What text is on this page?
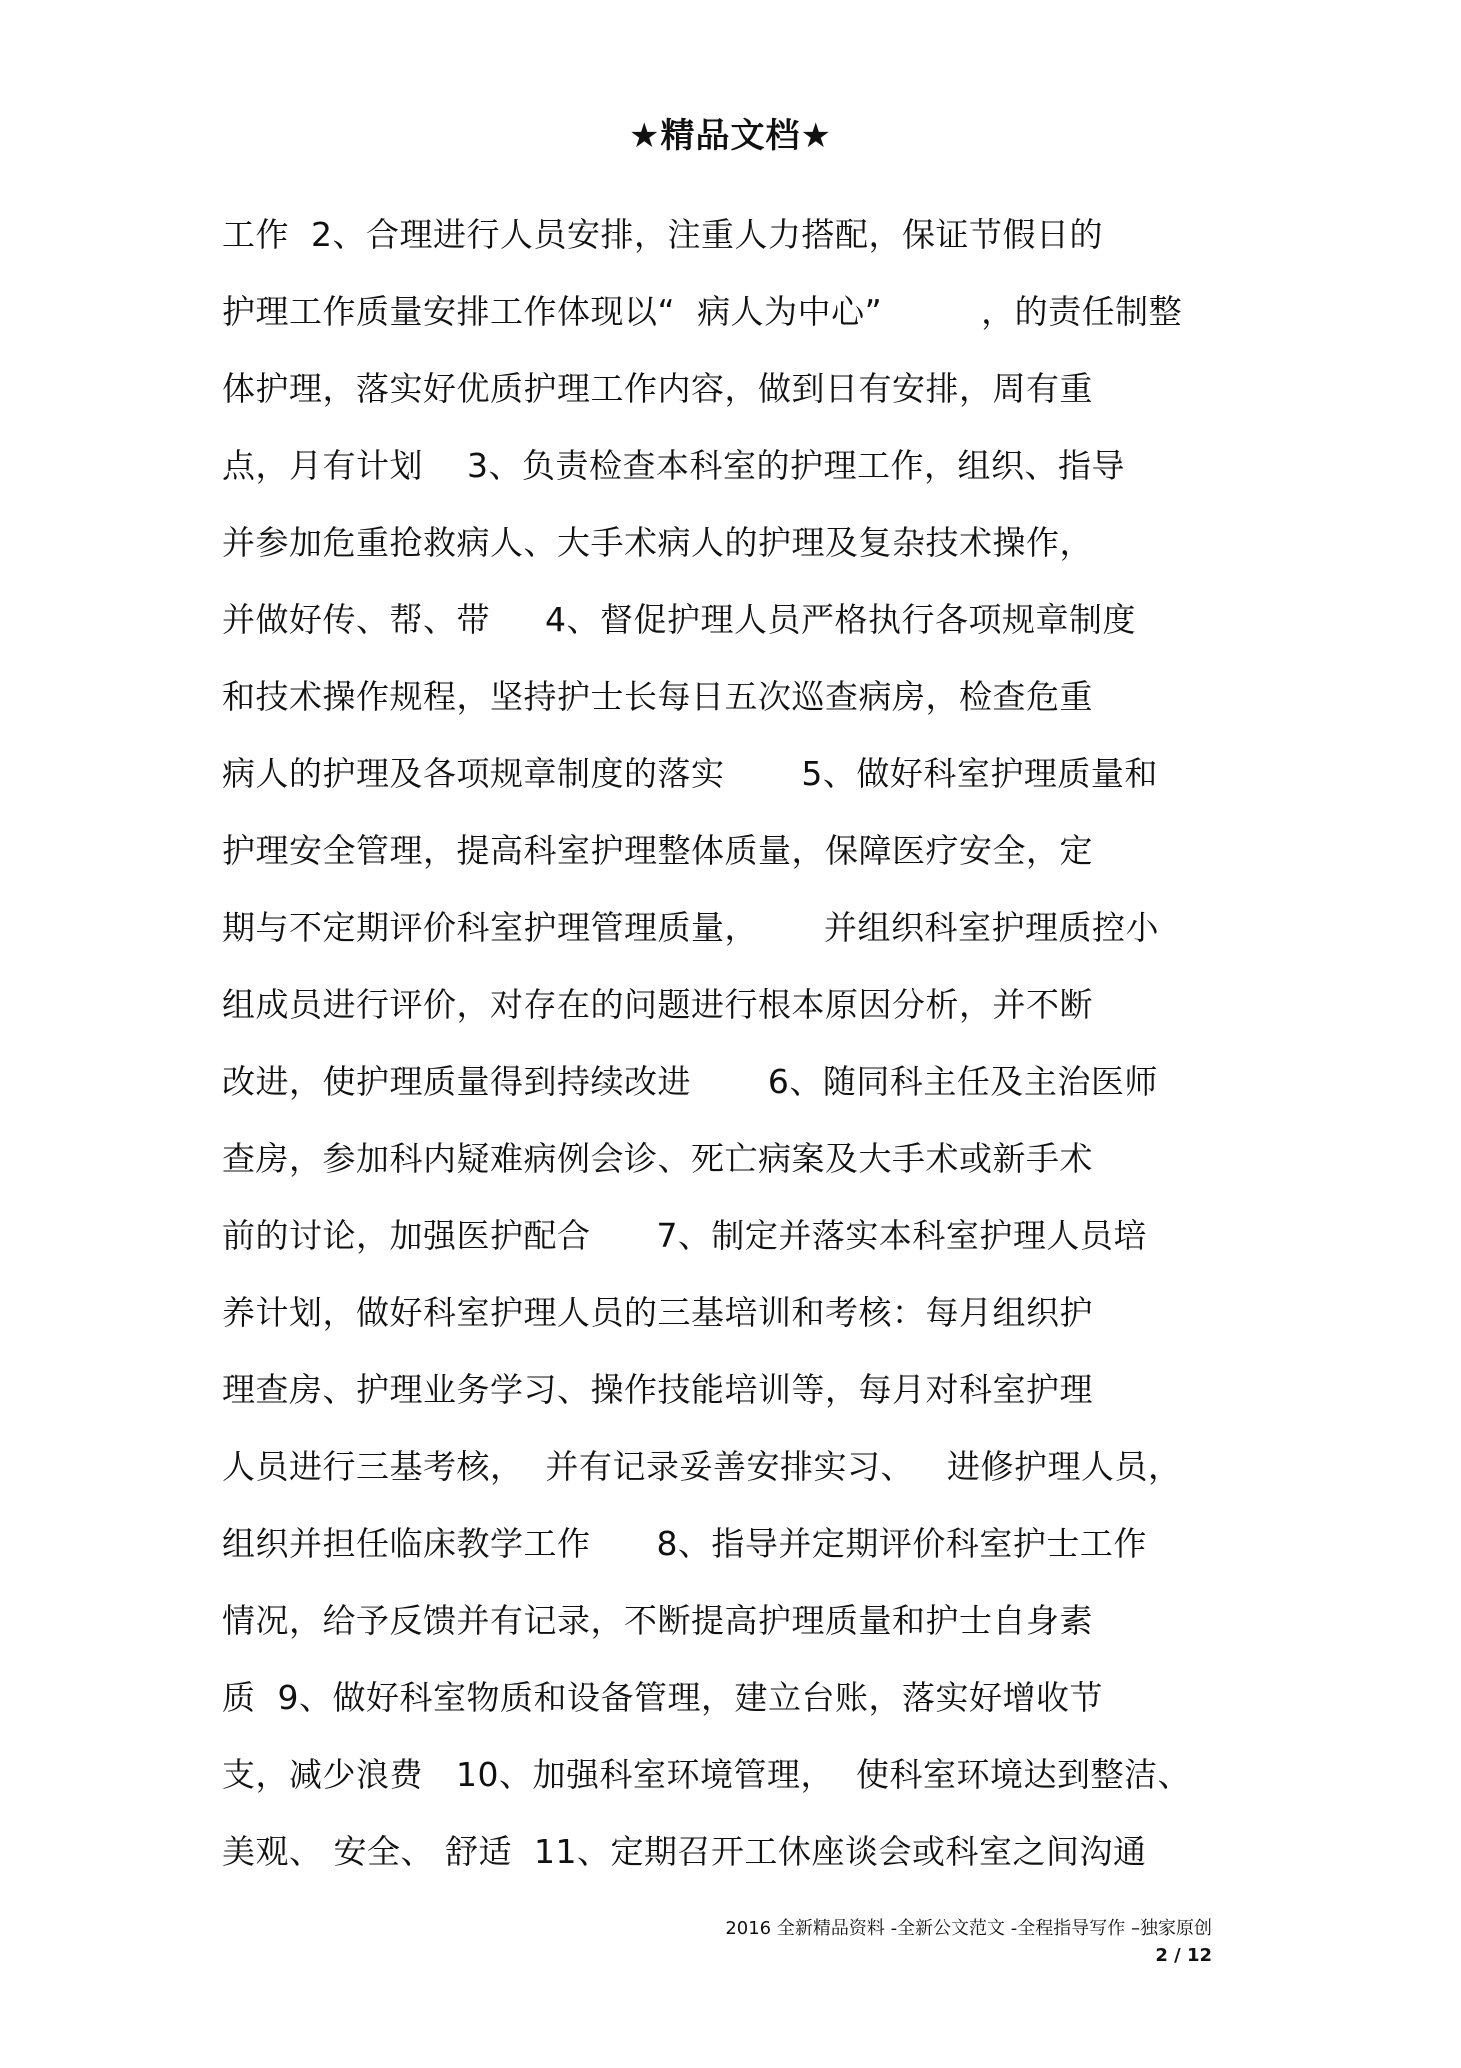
★精品文档★
工作  2、合理进行人员安排，注重人力搭配，保证节假日的
护理工作质量安排工作体现以“  病人为中心”         ，的责任制整
体护理，落实好优质护理工作内容，做到日有安排，周有重
点，月有计划    3、负责检查本科室的护理工作，组织、指导
并参加危重抢救病人、大手术病人的护理及复杂技术操作，
并做好传、帮、带     4、督促护理人员严格执行各项规章制度
和技术操作规程，坚持护士长每日五次巡查病房，检查危重
病人的护理及各项规章制度的落实       5、做好科室护理质量和
护理安全管理，提高科室护理整体质量，保障医疗安全，定
期与不定期评价科室护理管理质量，      并组织科室护理质控小
组成员进行评价，对存在的问题进行根本原因分析，并不断
改进，使护理质量得到持续改进       6、随同科主任及主治医师
查房，参加科内疑难病例会诊、死亡病案及大手术或新手术
前的讨论，加强医护配合      7、制定并落实本科室护理人员培
养计划，做好科室护理人员的三基培训和考核：每月组织护
理查房、护理业务学习、操作技能培训等，每月对科室护理
人员进行三基考核，  并有记录妥善安排实习、   进修护理人员，
组织并担任临床教学工作      8、指导并定期评价科室护士工作
情况，给予反馈并有记录，不断提高护理质量和护士自身素
质  9、做好科室物质和设备管理，建立台账，落实好增收节
支，减少浪费   10、加强科室环境管理，  使科室环境达到整洁、
美观、 安全、 舒适  11、定期召开工休座谈会或科室之间沟通
2016 全新精品资料 -全新公文范文 -全程指导写作 –独家原创
2 / 12
